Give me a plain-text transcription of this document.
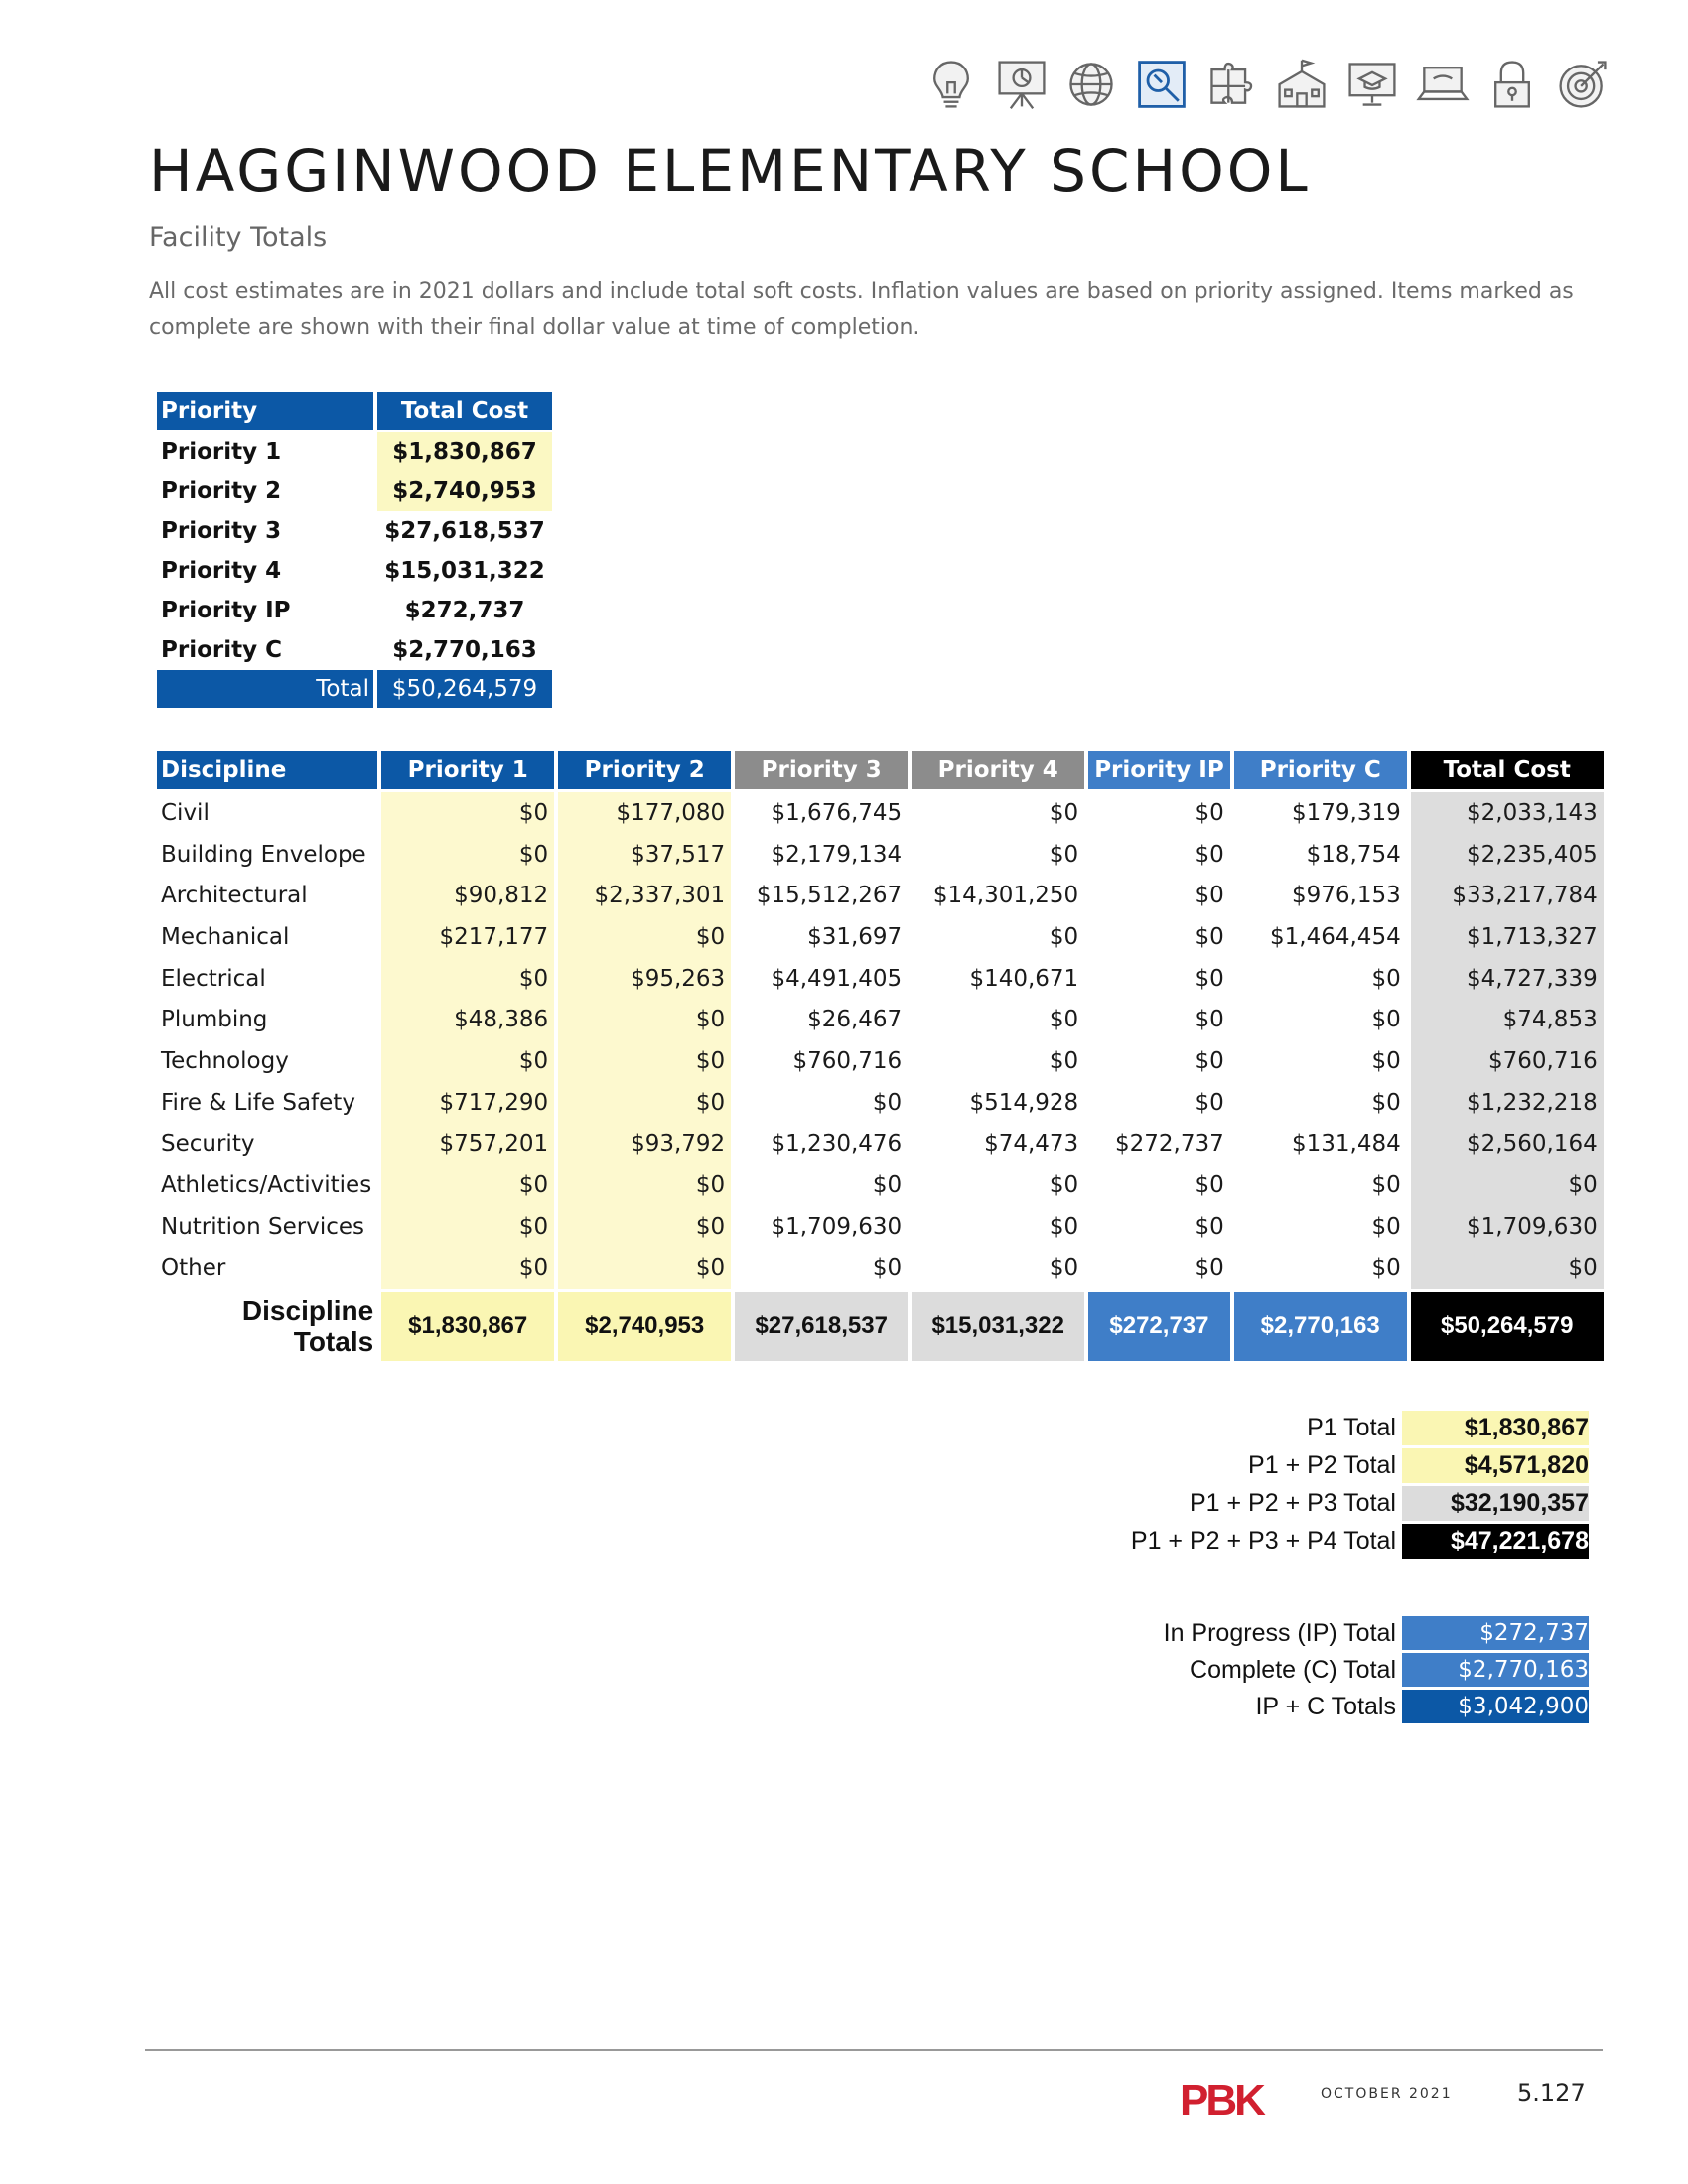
HAGGINWOOD ELEMENTARY SCHOOL
Facility Totals

All cost estimates are in 2021 dollars and include total soft costs. Inflation values are based on priority assigned. Items marked as complete are shown with their final dollar value at time of completion.

Priority	Total Cost
Priority 1	$1,830,867
Priority 2	$2,740,953
Priority 3	$27,618,537
Priority 4	$15,031,322
Priority IP	$272,737
Priority C	$2,770,163
Total	$50,264,579
Discipline	Priority 1	Priority 2	Priority 3	Priority 4	Priority IP	Priority C	Total Cost
Civil	$0	$177,080	$1,676,745	$0	$0	$179,319	$2,033,143
Building Envelope	$0	$37,517	$2,179,134	$0	$0	$18,754	$2,235,405
Architectural	$90,812	$2,337,301	$15,512,267	$14,301,250	$0	$976,153	$33,217,784
Mechanical	$217,177	$0	$31,697	$0	$0	$1,464,454	$1,713,327
Electrical	$0	$95,263	$4,491,405	$140,671	$0	$0	$4,727,339
Plumbing	$48,386	$0	$26,467	$0	$0	$0	$74,853
Technology	$0	$0	$760,716	$0	$0	$0	$760,716
Fire & Life Safety	$717,290	$0	$0	$514,928	$0	$0	$1,232,218
Security	$757,201	$93,792	$1,230,476	$74,473	$272,737	$131,484	$2,560,164
Athletics/Activities	$0	$0	$0	$0	$0	$0	$0
Nutrition Services	$0	$0	$1,709,630	$0	$0	$0	$1,709,630
Other	$0	$0	$0	$0	$0	$0	$0
Discipline
Totals	$1,830,867	$2,740,953	$27,618,537	$15,031,322	$272,737	$2,770,163	$50,264,579
P1 Total	$1,830,867
P1 + P2 Total	$4,571,820
P1 + P2 + P3 Total	$32,190,357
P1 + P2 + P3 + P4 Total	$47,221,678
In Progress (IP) Total	$272,737
Complete (C) Total	$2,770,163
IP + C Totals	$3,042,900
PBK	OCTOBER 2021	5.127
